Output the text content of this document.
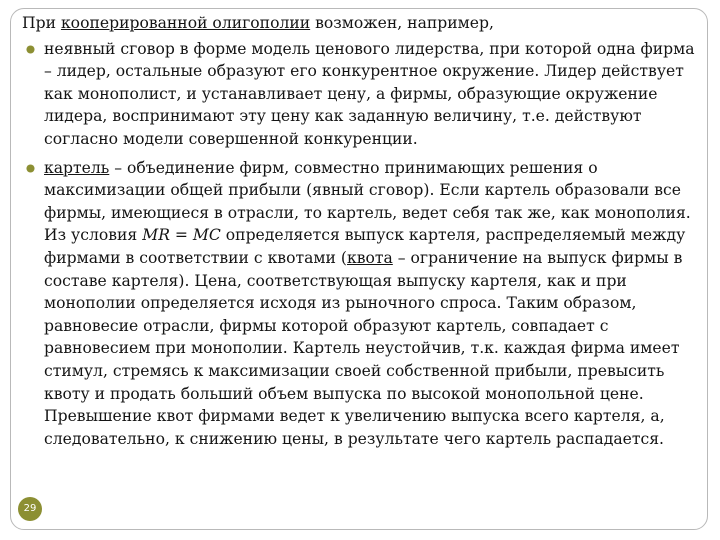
При кооперированной олигополии возможен, например,

неявный сговор в форме модель ценового лидерства, при которой одна фирма – лидер, остальные образуют его конкурентное окружение. Лидер действует как монополист, и устанавливает цену, а фирмы, образующие окружение лидера, воспринимают эту цену как заданную величину, т.е. действуют согласно модели совершенной конкуренции.
картель – объединение фирм, совместно принимающих решения о максимизации общей прибыли (явный сговор). Если картель образовали все фирмы, имеющиеся в отрасли, то картель, ведет себя так же, как монополия. Из условия MR = MC определяется выпуск картеля, распределяемый между фирмами в соответствии с квотами (квота – ограничение на выпуск фирмы в составе картеля). Цена, соответствующая выпуску картеля, как и при монополии определяется исходя из рыночного спроса. Таким образом, равновесие отрасли, фирмы которой образуют картель, совпадает с равновесием при монополии. Картель неустойчив, т.к. каждая фирма имеет стимул, стремясь к максимизации своей собственной прибыли, превысить квоту и продать больший объем выпуска по высокой монопольной цене. Превышение квот фирмами ведет к увеличению выпуска всего картеля, а, следовательно, к снижению цены, в результате чего картель распадается.
29
